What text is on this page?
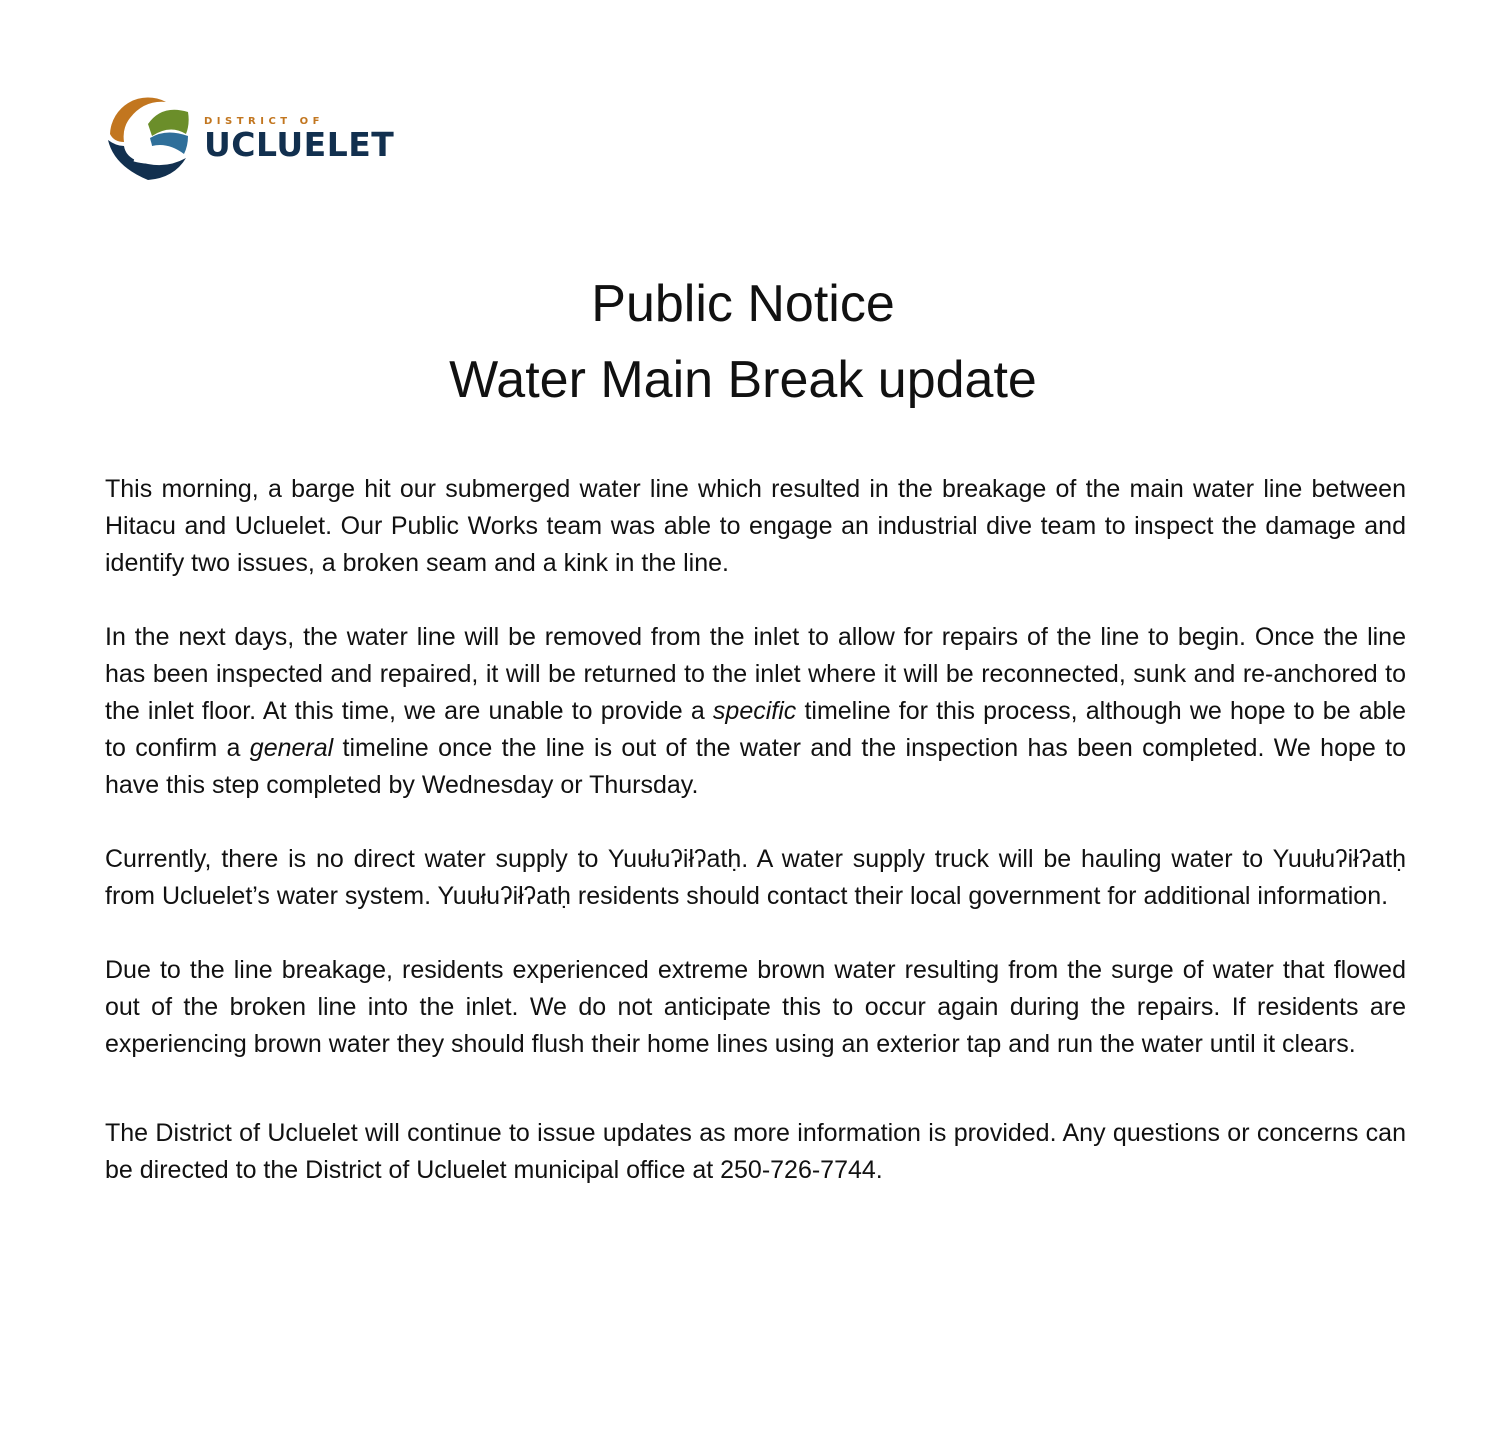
DISTRICT OF
UCLUELET
Public Notice
Water Main Break update

This morning, a barge hit our submerged water line which resulted in the breakage of the main water line between Hitacu and Ucluelet. Our Public Works team was able to engage an industrial dive team to inspect the damage and identify two issues, a broken seam and a kink in the line.

In the next days, the water line will be removed from the inlet to allow for repairs of the line to begin. Once the line has been inspected and repaired, it will be returned to the inlet where it will be reconnected, sunk and re-anchored to the inlet floor. At this time, we are unable to provide a specific timeline for this process, although we hope to be able to confirm a general timeline once the line is out of the water and the inspection has been completed. We hope to have this step completed by Wednesday or Thursday.

Currently, there is no direct water supply to Yuułuʔiłʔatḥ. A water supply truck will be hauling water to Yuułuʔiłʔatḥ from Ucluelet’s water system. Yuułuʔiłʔatḥ residents should contact their local government for additional information.

Due to the line breakage, residents experienced extreme brown water resulting from the surge of water that flowed out of the broken line into the inlet. We do not anticipate this to occur again during the repairs. If residents are experiencing brown water they should flush their home lines using an exterior tap and run the water until it clears.

The District of Ucluelet will continue to issue updates as more information is provided. Any questions or concerns can be directed to the District of Ucluelet municipal office at 250-726-7744.
